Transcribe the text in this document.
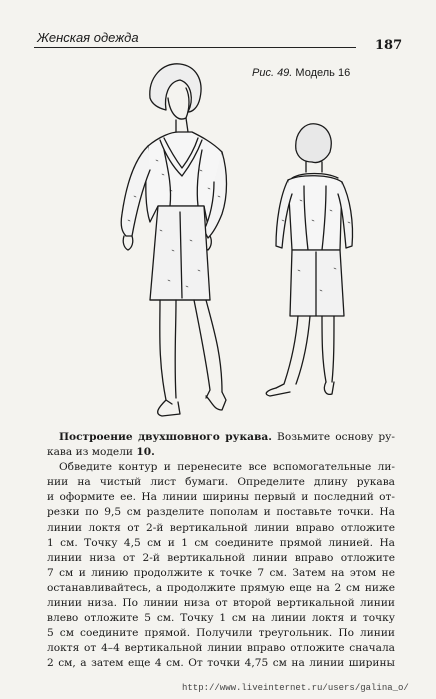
Женская одежда
187
Рис. 49. Модель 16
Построение двухшовного рукава. Возьмите основу ру-
кава из модели 10.
Обведите контур и перенесите все вспомогательные ли-
нии на чистый лист бумаги. Определите длину рукава
и оформите ее. На линии ширины первый и последний от-
резки по 9,5 см разделите пополам и поставьте точки. На
линии локтя от 2-й вертикальной линии вправо отложите
1 см. Точку 4,5 см и 1 см соедините прямой линией. На
линии низа от 2-й вертикальной линии вправо отложите
7 см и линию продолжите к точке 7 см. Затем на этом не
останавливайтесь, а продолжите прямую еще на 2 см ниже
линии низа. По линии низа от второй вертикальной линии
влево отложите 5 см. Точку 1 см на линии локтя и точку
5 см соедините прямой. Получили треугольник. По линии
локтя от 4–4 вертикальной линии вправо отложите сначала
2 см, а затем еще 4 см. От точки 4,75 см на линии ширины
http://www.liveinternet.ru/users/galina_o/
